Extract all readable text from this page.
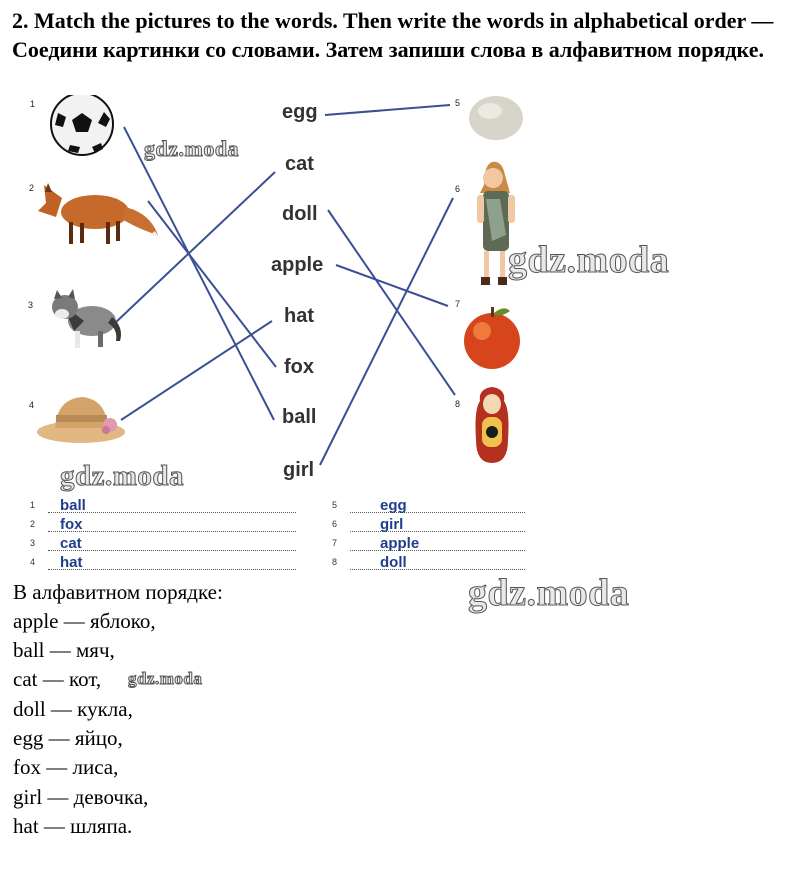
2. Match the pictures to the words. Then write the words in alphabetical order — Соедини картинки со словами. Затем запиши слова в алфавитном порядке.
1
2
3
4
5
6
7
8
egg
cat
doll
apple
hat
fox
ball
girl
1 ball
2 fox
3 cat
4 hat
5	egg
6	girl
7	apple
8	doll
В алфавитном порядке:
apple — яблоко,
ball — мяч,
cat — кот,
doll — кукла,
egg — яйцо,
fox — лиса,
girl — девочка,
hat — шляпа.
gdz.moda
gdz.moda
gdz.moda
gdz.moda
gdz.moda
